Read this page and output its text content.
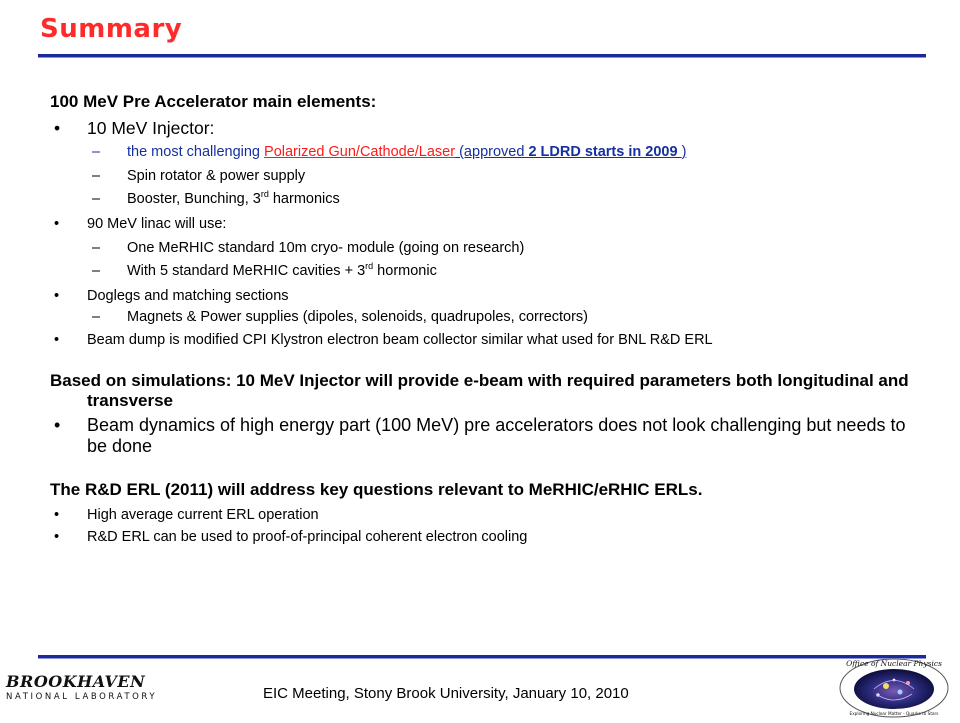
Summary

100 MeV Pre Accelerator main elements:

• 10 MeV Injector:
– the most challenging Polarized Gun/Cathode/Laser (approved 2 LDRD starts in 2009 )
– Spin rotator & power supply
– Booster, Bunching, 3rd harmonics
• 90 MeV linac will use:
– One MeRHIC standard 10m cryo- module (going on research)
– With 5 standard MeRHIC cavities + 3rd hormonic
• Doglegs and matching sections
– Magnets & Power supplies (dipoles, solenoids, quadrupoles, correctors)
• Beam dump is modified CPI Klystron electron beam collector similar what used for BNL R&D ERL

Based on simulations: 10 MeV Injector will provide e-beam with required parameters both longitudinal and transverse

• Beam dynamics of high energy part (100 MeV) pre accelerators does not look challenging but needs to be done

The R&D ERL (2011) will address key questions relevant to MeRHIC/eRHIC ERLs.

• High average current ERL operation
• R&D ERL can be used to proof-of-principal coherent electron cooling
BROOKHAVEN
NATIONAL LABORATORY	EIC Meeting, Stony Brook University, January 10, 2010
Office of Nuclear Physics
Exploring Nuclear Matter - Quarks to Stars
